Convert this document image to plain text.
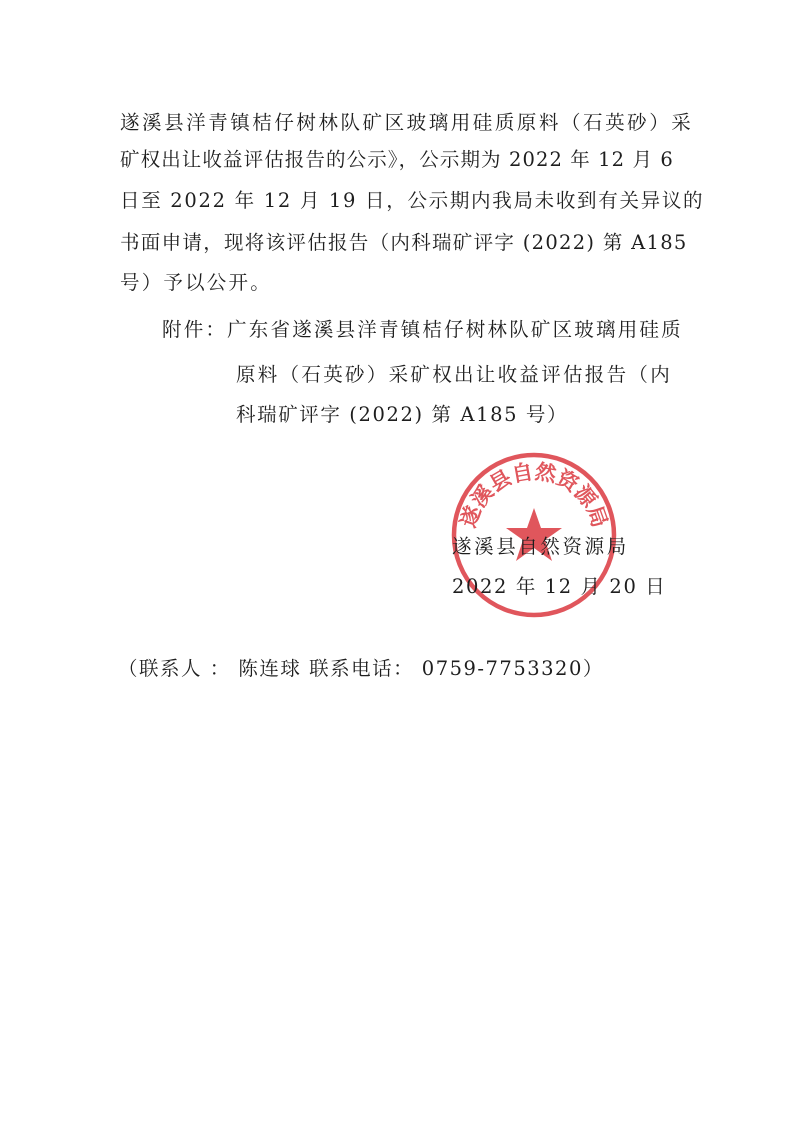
遂溪县洋青镇桔仔树林队矿区玻璃用硅质原料（石英砂）采
矿权出让收益评估报告的公示》，公示期为 2022 年 12 月 6
日至 2022 年 12 月 19 日，公示期内我局未收到有关异议的
书面申请，现将该评估报告（内科瑞矿评字 (2022) 第 A185
号）予以公开。
附件：广东省遂溪县洋青镇桔仔树林队矿区玻璃用硅质
原料（石英砂）采矿权出让收益评估报告（内
科瑞矿评字 (2022) 第 A185 号）
遂溪县自然资源局
遂溪县自然资源局
2022 年 12 月 20 日
（联系人 ： 陈连球 联系电话： 0759-7753320）
